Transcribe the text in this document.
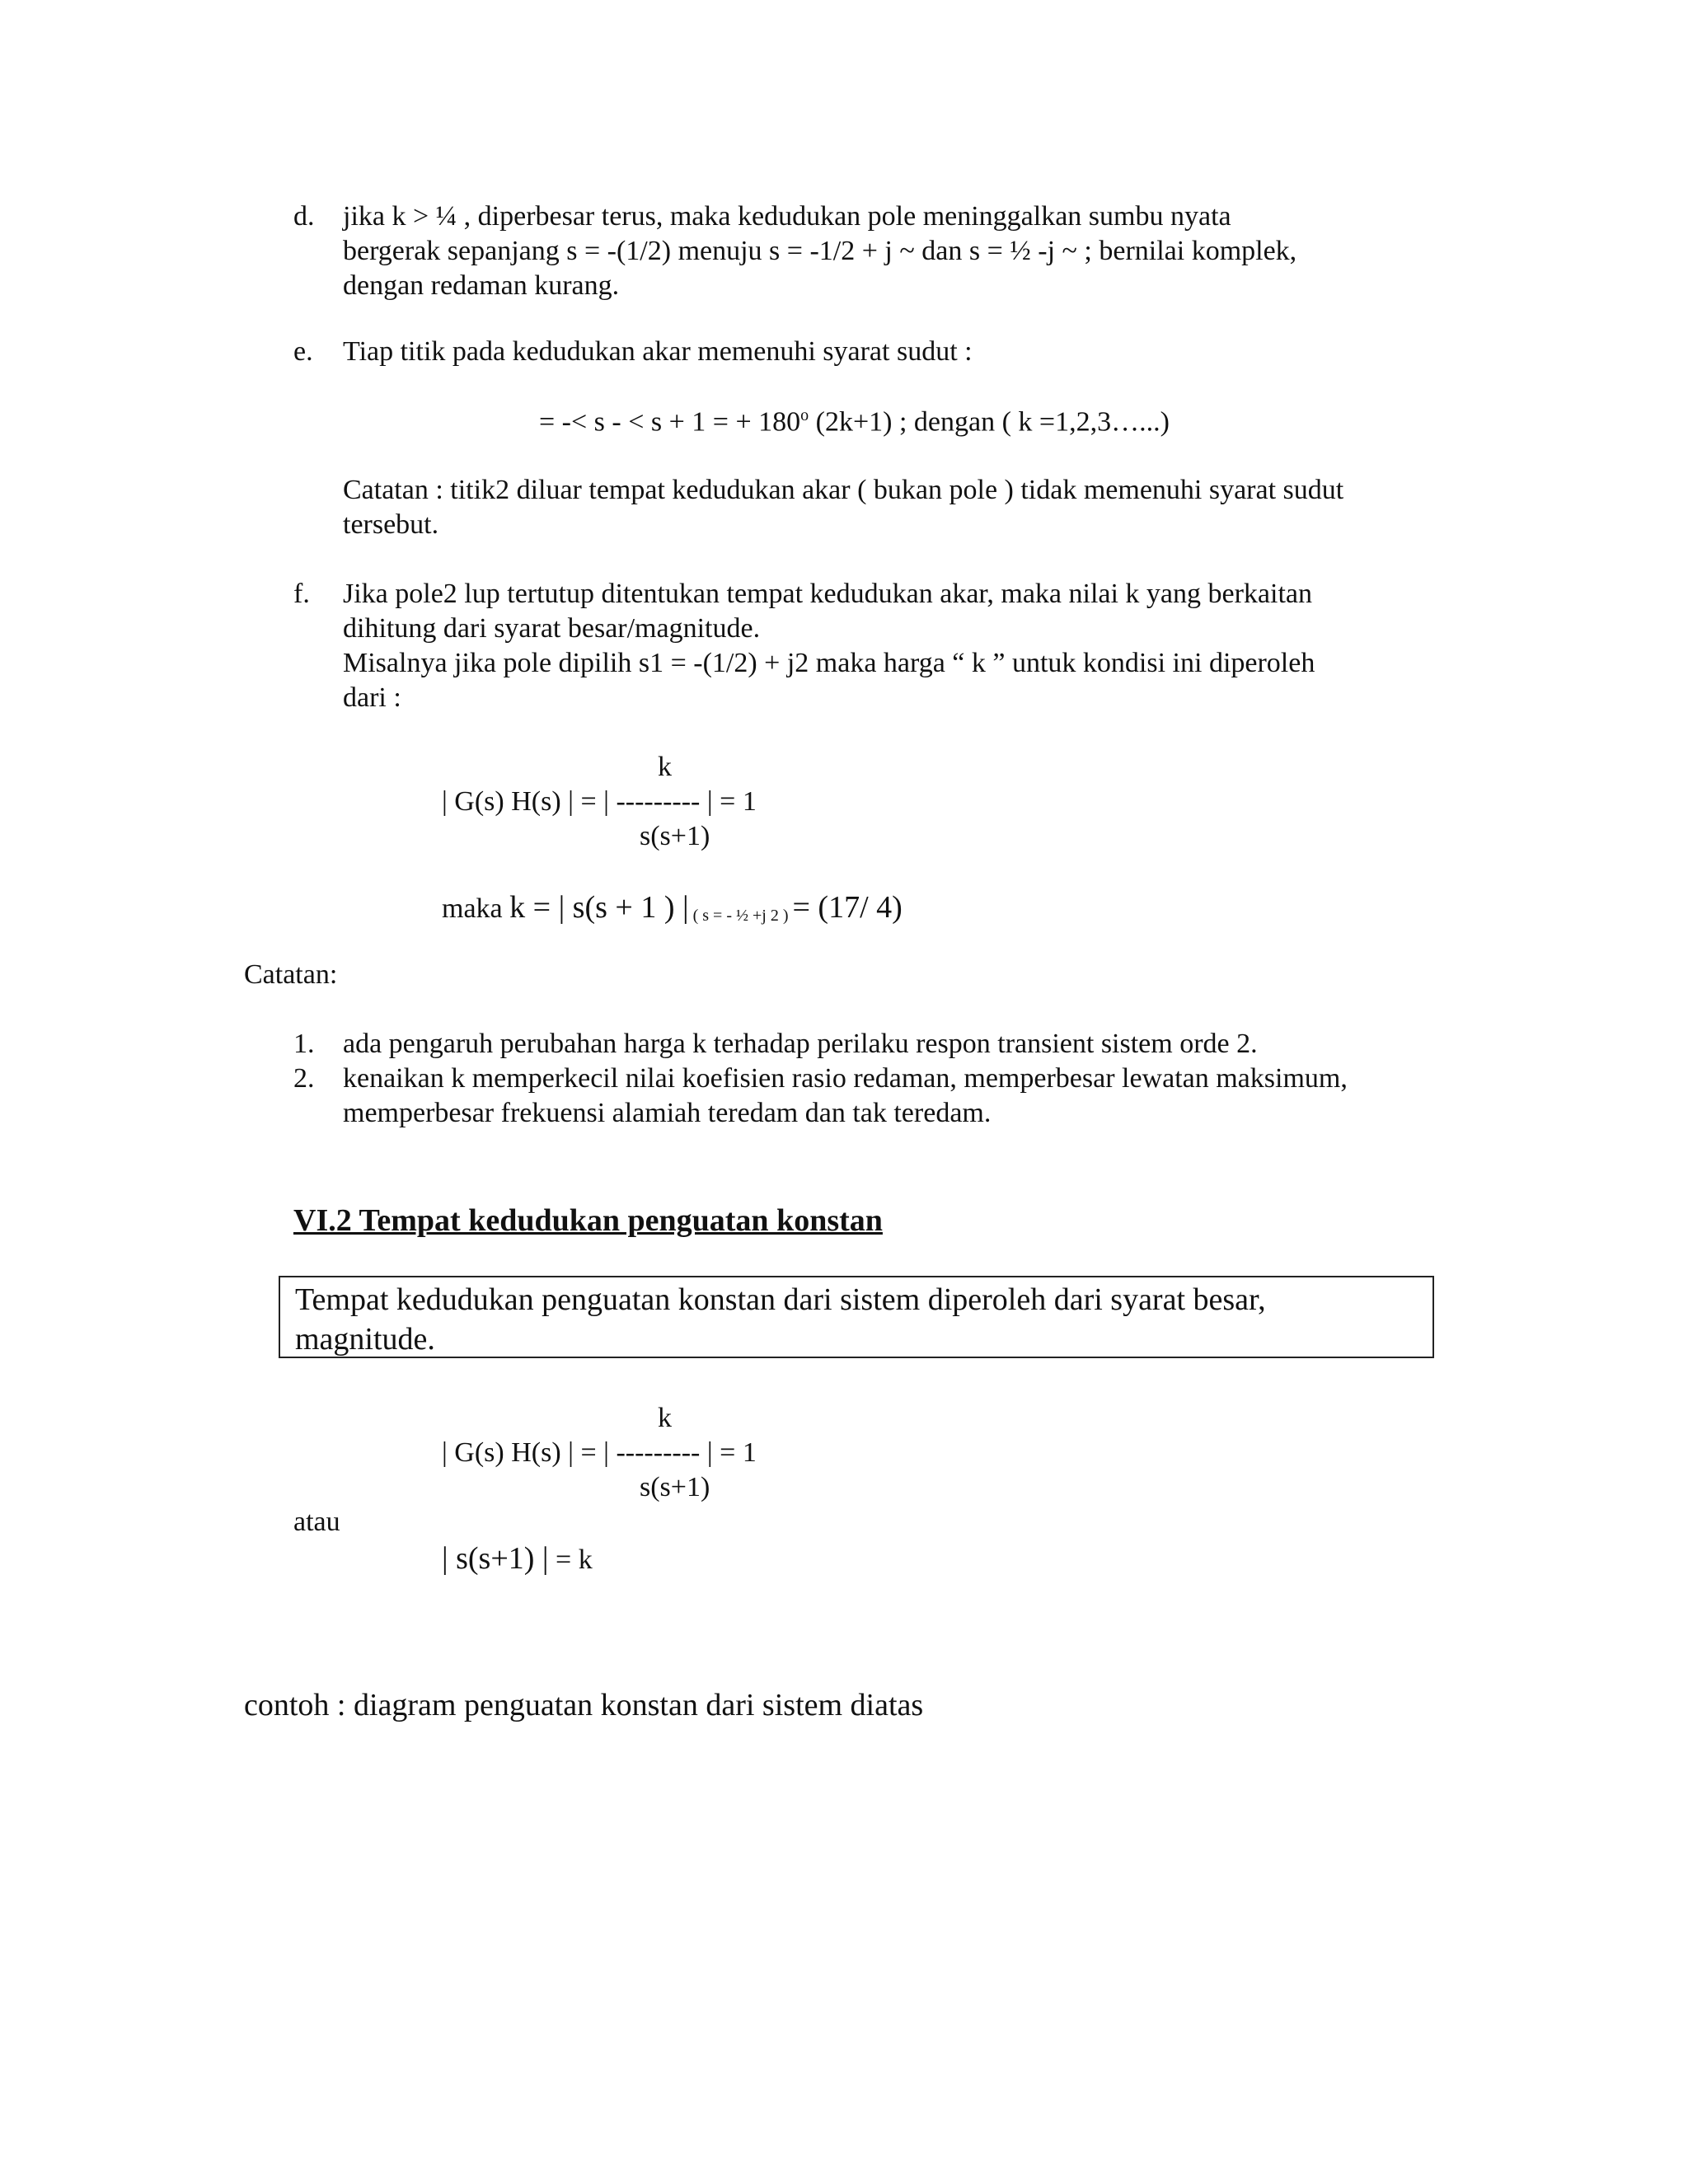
d. jika k > ¼ , diperbesar terus, maka kedudukan pole meninggalkan sumbu nyata
bergerak sepanjang s = -(1/2) menuju s = -1/2 + j ~ dan s = ½ -j ~ ; bernilai komplek,
dengan redaman kurang.
e. Tiap titik pada kedudukan akar memenuhi syarat sudut :
= -< s - < s + 1 = + $180^o$ (2k+1) ; dengan ( k =1,2,3…...)
Catatan : titik2 diluar tempat kedudukan akar ( bukan pole ) tidak memenuhi syarat sudut
tersebut.
f. Jika pole2 lup tertutup ditentukan tempat kedudukan akar, maka nilai k yang berkaitan
dihitung dari syarat besar/magnitude.
Misalnya jika pole dipilih s1 = -(1/2) + j2 maka harga “ k ” untuk kondisi ini diperoleh
dari :
k
| G(s) H(s) | = | --------- | = 1
s(s+1)
maka k = | s(s + 1 ) | ( s = - ½ +j 2 ) = (17/ 4)
Catatan:
1. ada pengaruh perubahan harga k terhadap perilaku respon transient sistem orde 2.
2. kenaikan k memperkecil nilai koefisien rasio redaman, memperbesar lewatan maksimum,
memperbesar frekuensi alamiah teredam dan tak teredam.
VI.2 Tempat kedudukan penguatan konstan
Tempat kedudukan penguatan konstan dari sistem diperoleh dari syarat besar,
magnitude.
k
| G(s) H(s) | = | --------- | = 1
s(s+1)
atau
| s(s+1) | = k
contoh : diagram penguatan konstan dari sistem diatas
